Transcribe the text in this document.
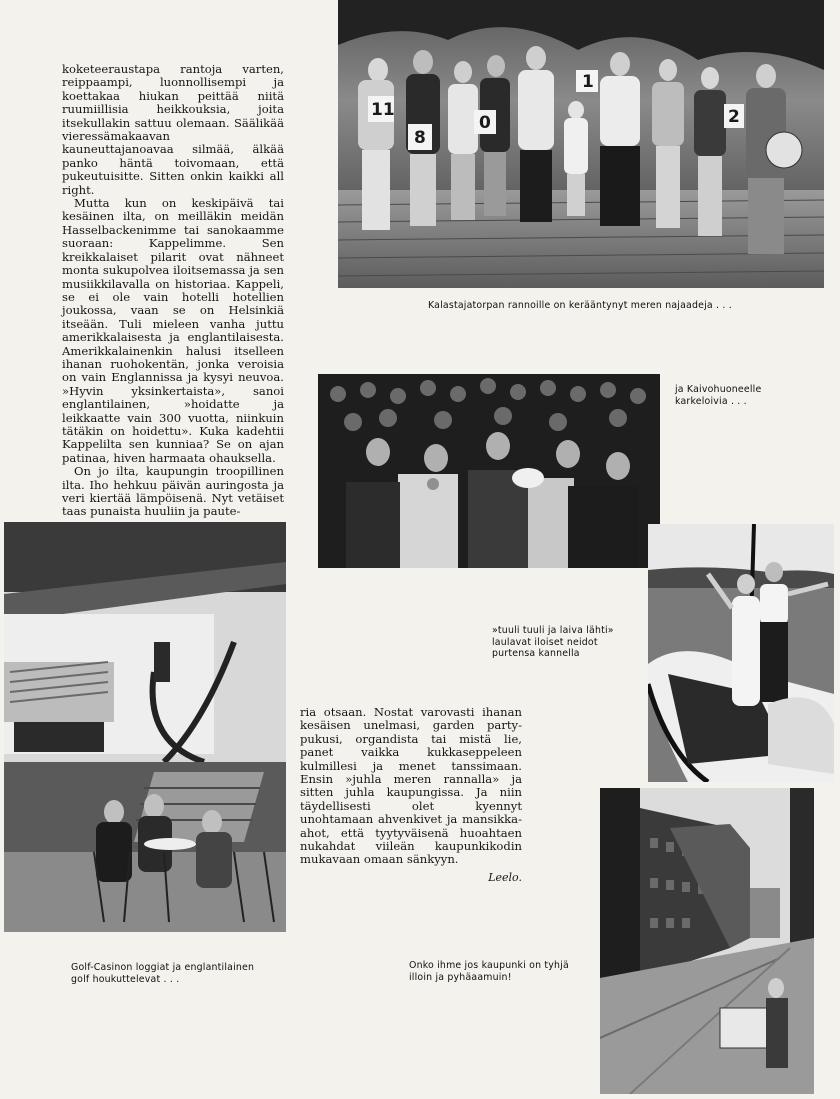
11
8
0
1
2

koketeeraustapa rantoja varten, reippaampi, luonnollisempi ja koettakaa hiukan peittää niitä ruumiillisia heikkouksia, joita itsekullakin sattuu olemaan. Säälikää vieressämakaavan kauneuttajanoavaa silmää, älkää panko häntä toivomaan, että pukeutuisitte. Sitten onkin kaikki all right.

Mutta kun on keskipäivä tai kesäinen ilta, on meilläkin meidän Hasselbackenimme tai sanokaamme suoraan: Kappelimme. Sen kreikkalaiset pilarit ovat nähneet monta sukupolvea iloitsemassa ja sen musiikkilavalla on historiaa. Kappeli, se ei ole vain hotelli hotellien joukossa, vaan se on Helsinkiä itseään. Tuli mieleen vanha juttu amerikkalaisesta ja englantilaisesta. Amerikkalainenkin halusi itselleen ihanan ruohokentän, jonka veroisia on vain Englannissa ja kysyi neuvoa. »Hyvin yksinkertaista», sanoi englantilainen, »hoidatte ja leikkaatte vain 300 vuotta, niinkuin tätäkin on hoidettu». Kuka kadehtii Kappelilta sen kunniaa? Se on ajan patinaa, hiven harmaata ohauksella.

On jo ilta, kaupungin troopillinen ilta. Iho hehkuu päivän auringosta ja veri kiertää lämpöisenä. Nyt vetäiset taas punaista huuliin ja paute-

Kalastajatorpan rannoille on kerääntynyt meren najaadeja . . .
ja Kaivohuoneelle karkeloivia . . .
Golf-Casinon loggiat ja englantilainen golf houkuttelevat . . .
»tuuli tuuli ja laiva lähti» laulavat iloiset neidot purtensa kannella

ria otsaan. Nostat varovasti ihanan kesäisen unelmasi, garden party-pukusi, organdista tai mistä lie, panet vaikka kukkaseppeleen kulmillesi ja menet tanssimaan. Ensin »juhla meren rannalla» ja sitten juhla kaupungissa. Ja niin täydellisesti olet kyennyt unohtamaan ahvenkivet ja mansikka-ahot, että tyytyväisenä huoahtaen nukahdat viileän kaupunkikodin mukavaan omaan sänkyyn.

Leelo.

Onko ihme jos kaupunki on tyhjä illoin ja pyhäaamuin!
